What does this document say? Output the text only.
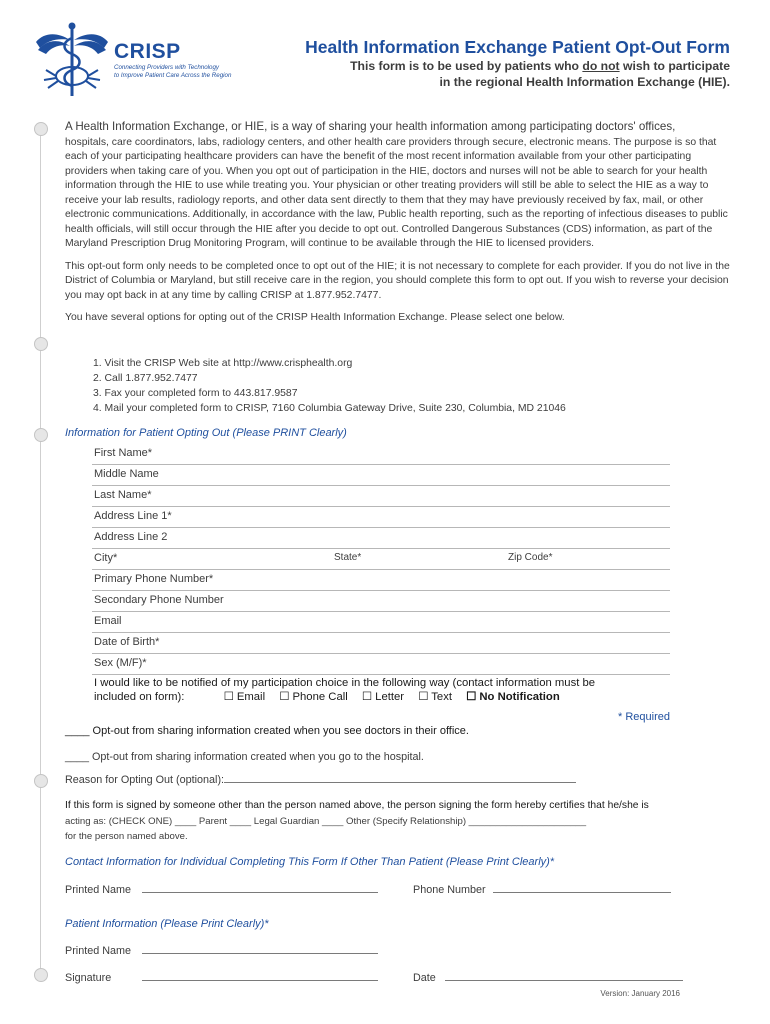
CRISP
Connecting Providers with Technology
to Improve Patient Care Across the Region
Health Information Exchange Patient Opt-Out Form
This form is to be used by patients who do not wish to participate
in the regional Health Information Exchange (HIE).

A Health Information Exchange, or HIE, is a way of sharing your health information among participating doctors' offices,
hospitals, care coordinators, labs, radiology centers, and other health care providers through secure, electronic means. The purpose is so that each of your participating healthcare providers can have the benefit of the most recent information available from your other participating providers when taking care of you. When you opt out of participation in the HIE, doctors and nurses will not be able to search for your health information through the HIE to use while treating you. Your physician or other treating providers will still be able to select the HIE as a way to receive your lab results, radiology reports, and other data sent directly to them that they may have previously received by fax, mail, or other electronic communications. Additionally, in accordance with the law, Public health reporting, such as the reporting of infectious diseases to public health officials, will still occur through the HIE after you decide to opt out. Controlled Dangerous Substances (CDS) information, as part of the Maryland Prescription Drug Monitoring Program, will continue to be available through the HIE to licensed providers.

This opt-out form only needs to be completed once to opt out of the HIE; it is not necessary to complete for each provider. If you do not live in the District of Columbia or Maryland, but still receive care in the region, you should complete this form to opt out. If you wish to reverse your decision you may opt back in at any time by calling CRISP at 1.877.952.7477.

You have several options for opting out of the CRISP Health Information Exchange. Please select one below.

1. Visit the CRISP Web site at http://www.crisphealth.org
2. Call 1.877.952.7477
3. Fax your completed form to 443.817.9587
4. Mail your completed form to CRISP, 7160 Columbia Gateway Drive, Suite 230, Columbia, MD 21046
Information for Patient Opting Out (Please PRINT Clearly)
First Name*
Middle Name
Last Name*
Address Line 1*
Address Line 2
City*	State*	Zip Code*
Primary Phone Number*
Secondary Phone Number
Email
Date of Birth*
Sex (M/F)*
I would like to be notified of my participation choice in the following way (contact information must be
included on form):	☐ Email ☐ Phone Call ☐ Letter ☐ Text ☐ No Notification
* Required
____ Opt-out from sharing information created when you see doctors in their office.
____ Opt-out from sharing information created when you go to the hospital.
Reason for Opting Out (optional):
If this form is signed by someone other than the person named above, the person signing the form hereby certifies that he/she is
acting as: (CHECK ONE) ____ Parent ____ Legal Guardian ____ Other (Specify Relationship) ______________________
for the person named above.
Contact Information for Individual Completing This Form If Other Than Patient (Please Print Clearly)*
Printed Name	Phone Number
Patient Information (Please Print Clearly)*
Printed Name
Signature	Date
Version: January 2016
